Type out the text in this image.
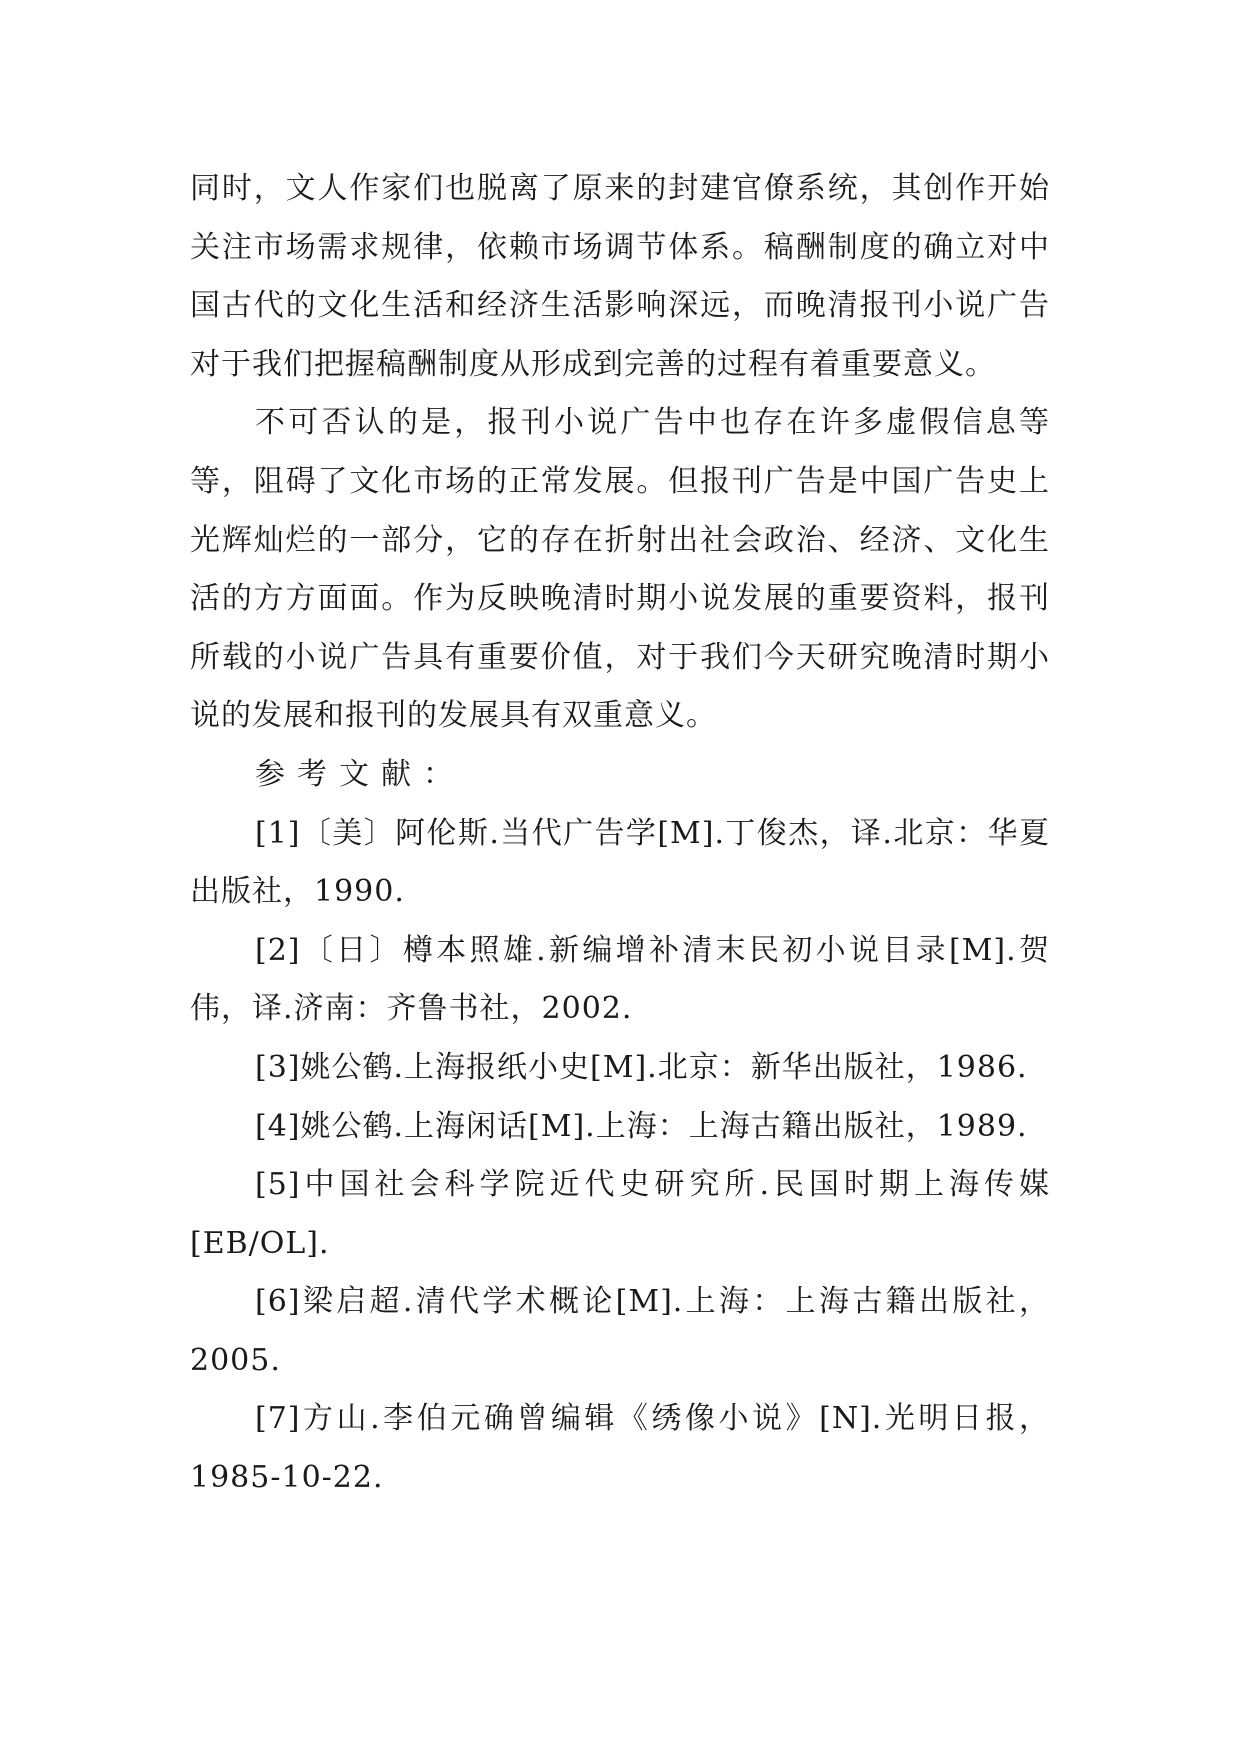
同时，文人作家们也脱离了原来的封建官僚系统，其创作开始关注市场需求规律，依赖市场调节体系。稿酬制度的确立对中国古代的文化生活和经济生活影响深远，而晚清报刊小说广告对于我们把握稿酬制度从形成到完善的过程有着重要意义。

不可否认的是，报刊小说广告中也存在许多虚假信息等等，阻碍了文化市场的正常发展。但报刊广告是中国广告史上光辉灿烂的一部分，它的存在折射出社会政治、经济、文化生活的方方面面。作为反映晚清时期小说发展的重要资料，报刊所载的小说广告具有重要价值，对于我们今天研究晚清时期小说的发展和报刊的发展具有双重意义。

参考文献：

[1]〔美〕阿伦斯.当代广告学[M].丁俊杰，译.北京：华夏出版社，1990.

[2]〔日〕樽本照雄.新编增补清末民初小说目录[M].贺伟，译.济南：齐鲁书社，2002.

[3]姚公鹤.上海报纸小史[M].北京：新华出版社，1986.

[4]姚公鹤.上海闲话[M].上海：上海古籍出版社，1989.

[5]中国社会科学院近代史研究所.民国时期上海传媒[EB/OL].

[6]梁启超.清代学术概论[M].上海：上海古籍出版社，2005.

[7]方山.李伯元确曾编辑《绣像小说》[N].光明日报，1985-10-22.
